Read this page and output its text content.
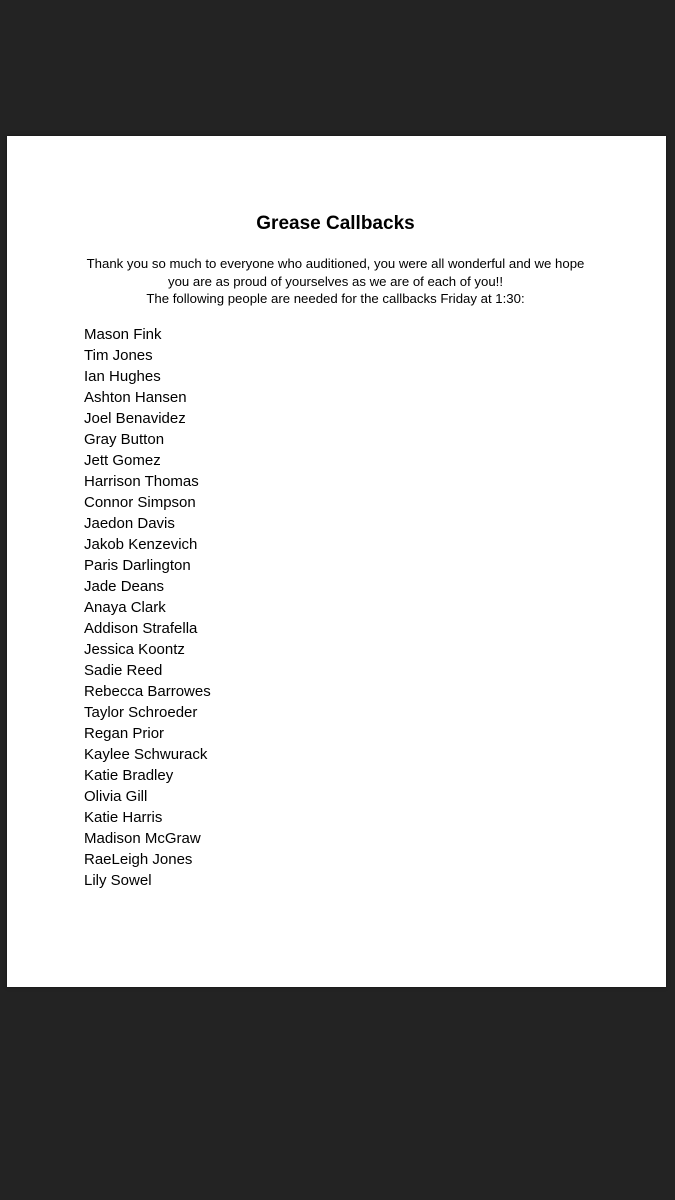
Grease Callbacks
Thank you so much to everyone who auditioned, you were all wonderful and we hope
you are as proud of yourselves as we are of each of you!!
The following people are needed for the callbacks Friday at 1:30:
Mason Fink
Tim Jones
Ian Hughes
Ashton Hansen
Joel Benavidez
Gray Button
Jett Gomez
Harrison Thomas
Connor Simpson
Jaedon Davis
Jakob Kenzevich
Paris Darlington
Jade Deans
Anaya Clark
Addison Strafella
Jessica Koontz
Sadie Reed
Rebecca Barrowes
Taylor Schroeder
Regan Prior
Kaylee Schwurack
Katie Bradley
Olivia Gill
Katie Harris
Madison McGraw
RaeLeigh Jones
Lily Sowel
